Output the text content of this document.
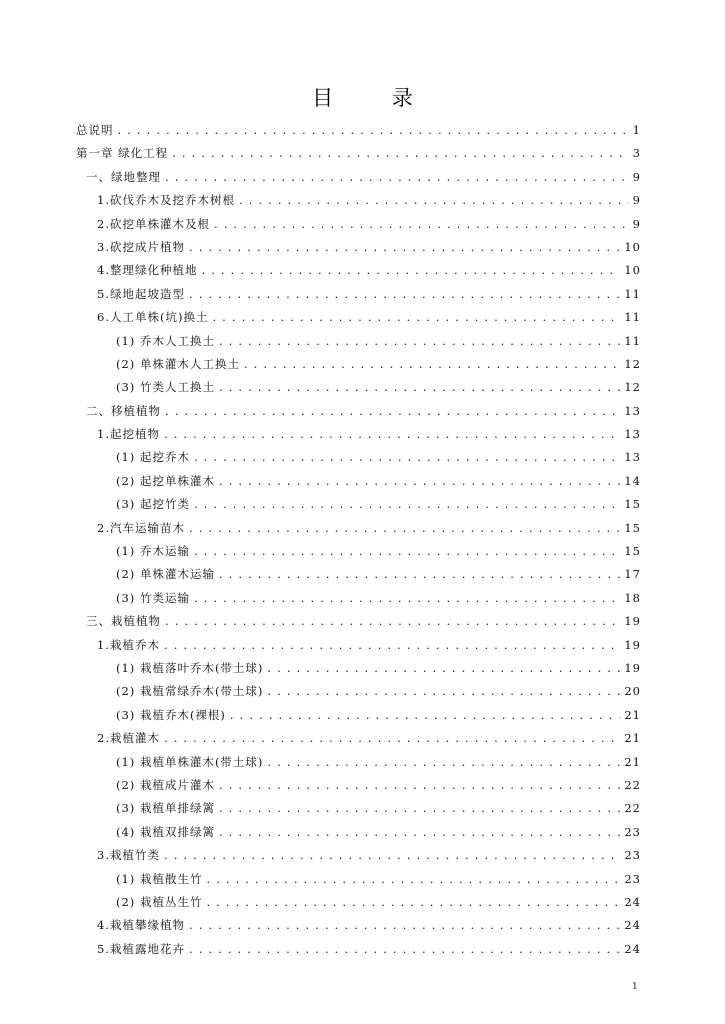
目 录
总说明 . . .	1
第一章 绿化工程 . . .	3
一、绿地整理 . . .	9
1.砍伐乔木及挖乔木树根 . . .	9
2.砍挖单株灌木及根 . . .	9
3.砍挖成片植物 . . .	10
4.整理绿化种植地 . . .	10
5.绿地起坡造型 . . .	11
6.人工单株(坑)换土 . . .	11
(1) 乔木人工换土 . . .	11
(2) 单株灌木人工换土 . . .	12
(3) 竹类人工换土 . . .	12
二、移植植物 . . .	13
1.起挖植物 . . .	13
(1) 起挖乔木 . . .	13
(2) 起挖单株灌木 . . .	14
(3) 起挖竹类 . . .	15
2.汽车运输苗木 . . .	15
(1) 乔木运输 . . .	15
(2) 单株灌木运输 . . .	17
(3) 竹类运输 . . .	18
三、栽植植物 . . .	19
1.栽植乔木 . . .	19
(1) 栽植落叶乔木(带土球) . . .	19
(2) 栽植常绿乔木(带土球) . . .	20
(3) 栽植乔木(裸根) . . .	21
2.栽植灌木 . . .	21
(1) 栽植单株灌木(带土球) . . .	21
(2) 栽植成片灌木 . . .	22
(3) 栽植单排绿篱 . . .	22
(4) 栽植双排绿篱 . . .	23
3.栽植竹类 . . .	23
(1) 栽植散生竹 . . .	23
(2) 栽植丛生竹 . . .	24
4.栽植攀缘植物 . . .	24
5.栽植露地花卉 . . .	24
1
